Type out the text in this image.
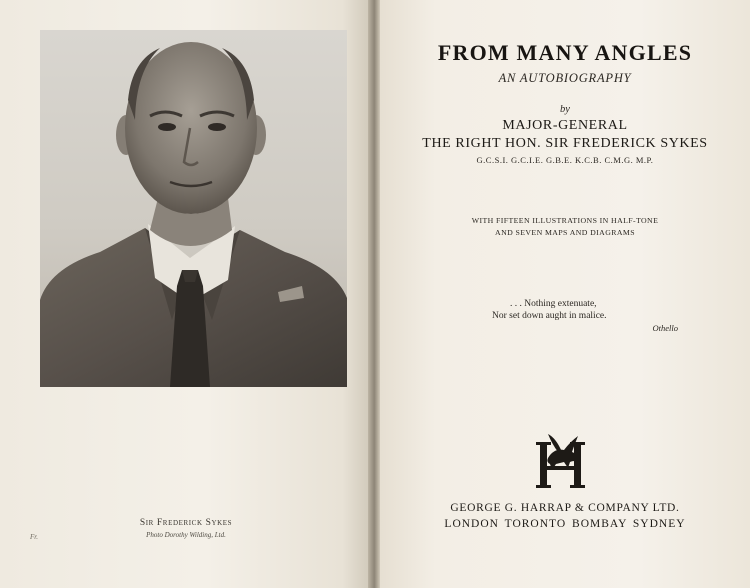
Sir Frederick Sykes
Photo Dorothy Wilding, Ltd.
Fr.
FROM MANY ANGLES
AN AUTOBIOGRAPHY
by
MAJOR-GENERAL
THE RIGHT HON. SIR FREDERICK SYKES
G.C.S.I. G.C.I.E. G.B.E. K.C.B. C.M.G. M.P.
WITH FIFTEEN ILLUSTRATIONS IN HALF-TONE
AND SEVEN MAPS AND DIAGRAMS
. . . Nothing extenuate,
Nor set down aught in malice.
Othello
GEORGE G. HARRAP & COMPANY LTD.
LONDON TORONTO BOMBAY SYDNEY
